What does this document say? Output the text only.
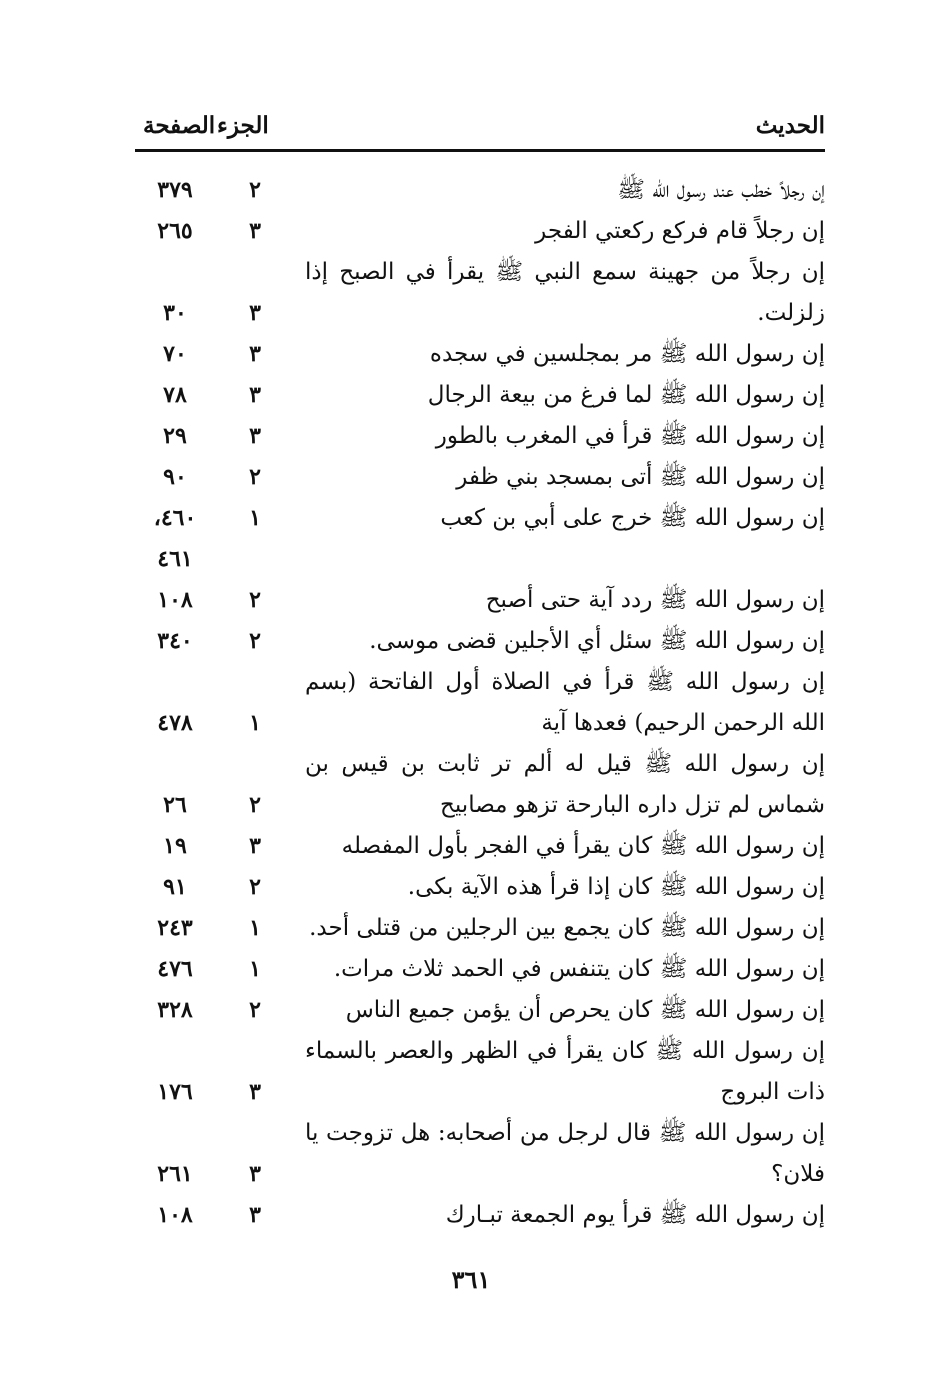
الحديث
الجزء
الصفحة
إن رجلاً خطب عند رسول الله ﷺ
٢
٣٧٩
إن رجلاً قام فركع ركعتي الفجر
٣
٢٦٥
إن رجلاً من جهينة سمع النبي ﷺ يقرأ في الصبح إذا زلزلت.
٣
٣٠
إن رسول الله ﷺ مر بمجلسين في سجده
٣
٧٠
إن رسول الله ﷺ لما فرغ من بيعة الرجال
٣
٧٨
إن رسول الله ﷺ قرأ في المغرب بالطور
٣
٢٩
إن رسول الله ﷺ أتى بمسجد بني ظفر
٢
٩٠
إن رسول الله ﷺ خرج على أبي بن كعب
١
٤٦٠،
٤٦١
إن رسول الله ﷺ ردد آية حتى أصبح
٢
١٠٨
إن رسول الله ﷺ سئل أي الأجلين قضى موسى.
٢
٣٤٠
إن رسول الله ﷺ قرأ في الصلاة أول الفاتحة (بسم الله الرحمن الرحيم) فعدها آية
١
٤٧٨
إن رسول الله ﷺ قيل له ألم تر ثابت بن قيس بن شماس لم تزل داره البارحة تزهو مصابيح
٢
٢٦
إن رسول الله ﷺ كان يقرأ في الفجر بأول المفصله
٣
١٩
إن رسول الله ﷺ كان إذا قرأ هذه الآية بكى.
٢
٩١
إن رسول الله ﷺ كان يجمع بين الرجلين من قتلى أحد.
١
٢٤٣
إن رسول الله ﷺ كان يتنفس في الحمد ثلاث مرات.
١
٤٧٦
إن رسول الله ﷺ كان يحرص أن يؤمن جميع الناس
٢
٣٢٨
إن رسول الله ﷺ كان يقرأ في الظهر والعصر بالسماء ذات البروج
٣
١٧٦
إن رسول الله ﷺ قال لرجل من أصحابه: هل تزوجت يا فلان؟
٣
٢٦١
إن رسول الله ﷺ قرأ يوم الجمعة تبـارك
٣
١٠٨
٣٦١
